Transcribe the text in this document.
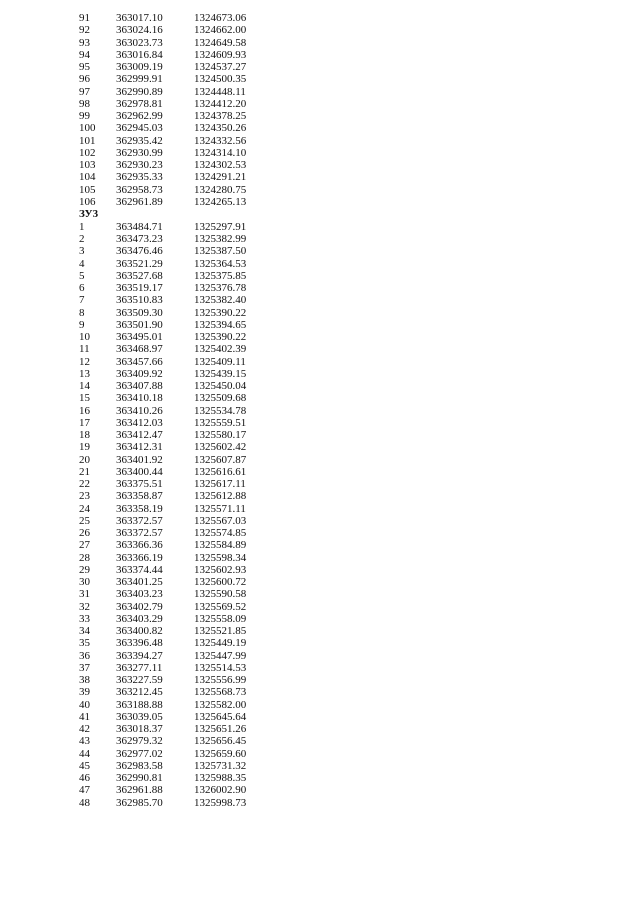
91 363017.10	1324673.06
92 363024.16	1324662.00
93 363023.73	1324649.58
94 363016.84	1324609.93
95 363009.19	1324537.27
96 362999.91	1324500.35
97 362990.89	1324448.11
98 362978.81	1324412.20
99 362962.99	1324378.25
100 362945.03	1324350.26
101 362935.42	1324332.56
102 362930.99	1324314.10
103 362930.23	1324302.53
104 362935.33	1324291.21
105 362958.73	1324280.75
106 362961.89	1324265.13
ЗУ3
1	363484.71	1325297.91
2	363473.23	1325382.99
3	363476.46	1325387.50
4	363521.29	1325364.53
5	363527.68	1325375.85
6	363519.17	1325376.78
7	363510.83	1325382.40
8	363509.30	1325390.22
9	363501.90	1325394.65
10 363495.01	1325390.22
11 363468.97	1325402.39
12 363457.66	1325409.11
13 363409.92	1325439.15
14 363407.88	1325450.04
15 363410.18	1325509.68
16 363410.26	1325534.78
17 363412.03	1325559.51
18 363412.47	1325580.17
19 363412.31	1325602.42
20 363401.92	1325607.87
21 363400.44	1325616.61
22 363375.51	1325617.11
23 363358.87	1325612.88
24 363358.19	1325571.11
25 363372.57	1325567.03
26 363372.57	1325574.85
27 363366.36	1325584.89
28 363366.19	1325598.34
29 363374.44	1325602.93
30 363401.25	1325600.72
31 363403.23	1325590.58
32 363402.79	1325569.52
33 363403.29	1325558.09
34 363400.82	1325521.85
35 363396.48	1325449.19
36 363394.27	1325447.99
37 363277.11	1325514.53
38 363227.59	1325556.99
39 363212.45	1325568.73
40 363188.88	1325582.00
41 363039.05	1325645.64
42 363018.37	1325651.26
43 362979.32	1325656.45
44 362977.02	1325659.60
45 362983.58	1325731.32
46 362990.81	1325988.35
47 362961.88	1326002.90
48 362985.70	1325998.73
